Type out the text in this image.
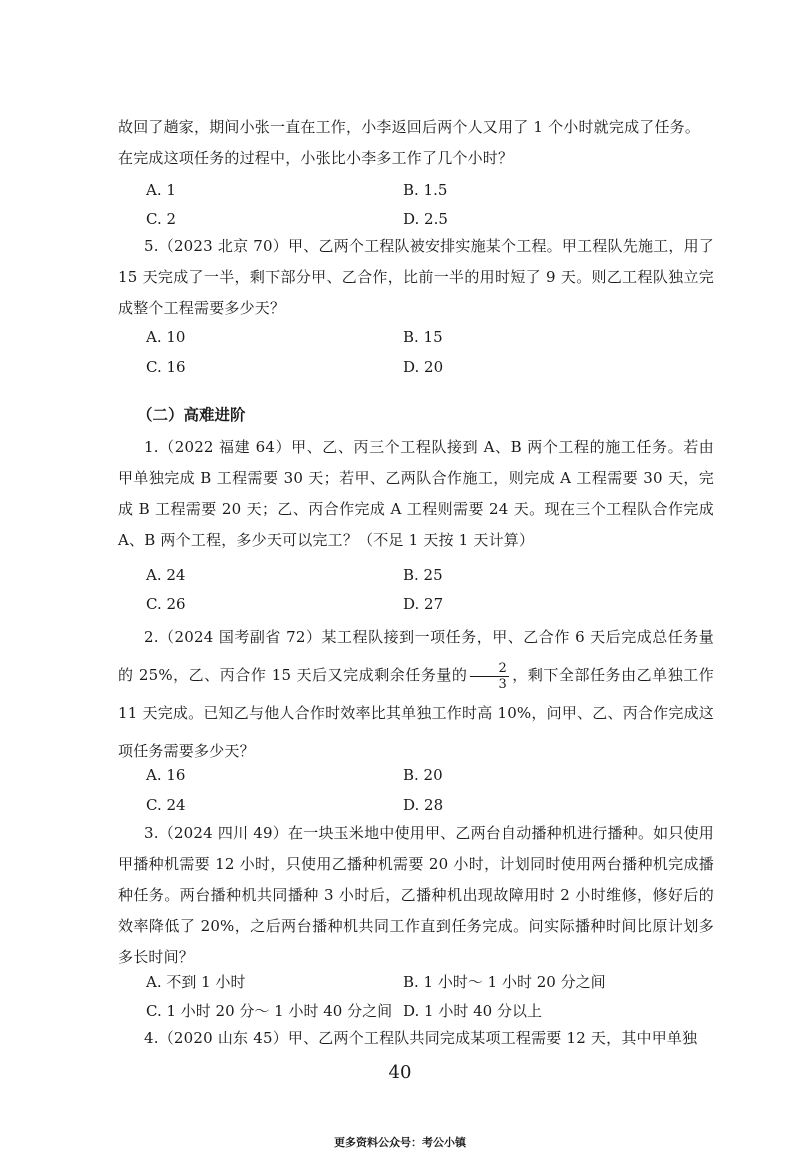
故回了趟家，期间小张一直在工作，小李返回后两个人又用了 1 个小时就完成了任务。

在完成这项任务的过程中，小张比小李多工作了几个小时？

A. 1	B. 1.5
C. 2	D. 2.5

5.（2023 北京 70）甲、乙两个工程队被安排实施某个工程。甲工程队先施工，用了 15 天完成了一半，剩下部分甲、乙合作，比前一半的用时短了 9 天。则乙工程队独立完成整个工程需要多少天？

A. 10	B. 15
C. 16	D. 20
（二）高难进阶

1.（2022 福建 64）甲、乙、丙三个工程队接到 A、B 两个工程的施工任务。若由甲单独完成 B 工程需要 30 天；若甲、乙两队合作施工，则完成 A 工程需要 30 天，完成 B 工程需要 20 天；乙、丙合作完成 A 工程则需要 24 天。现在三个工程队合作完成 A、B 两个工程，多少天可以完工？（不足 1 天按 1 天计算）

A. 24	B. 25
C. 26	D. 27

2.（2024 国考副省 72）某工程队接到一项任务，甲、乙合作 6 天后完成总任务量的 25%，乙、丙合作 15 天后又完成剩余任务量的 $\frac{2}{3}$ ，剩下全部任务由乙单独工作 11 天完成。已知乙与他人合作时效率比其单独工作时高 10%，问甲、乙、丙合作完成这项任务需要多少天？

A. 16	B. 20
C. 24	D. 28

3.（2024 四川 49）在一块玉米地中使用甲、乙两台自动播种机进行播种。如只使用甲播种机需要 12 小时，只使用乙播种机需要 20 小时，计划同时使用两台播种机完成播种任务。两台播种机共同播种 3 小时后，乙播种机出现故障用时 2 小时维修，修好后的效率降低了 20%，之后两台播种机共同工作直到任务完成。问实际播种时间比原计划多多长时间？

A. 不到 1 小时	B. 1 小时～ 1 小时 20 分之间
C. 1 小时 20 分～ 1 小时 40 分之间 D. 1 小时 40 分以上

4.（2020 山东 45）甲、乙两个工程队共同完成某项工程需要 12 天，其中甲单独

40
更多资料公众号：考公小镇
